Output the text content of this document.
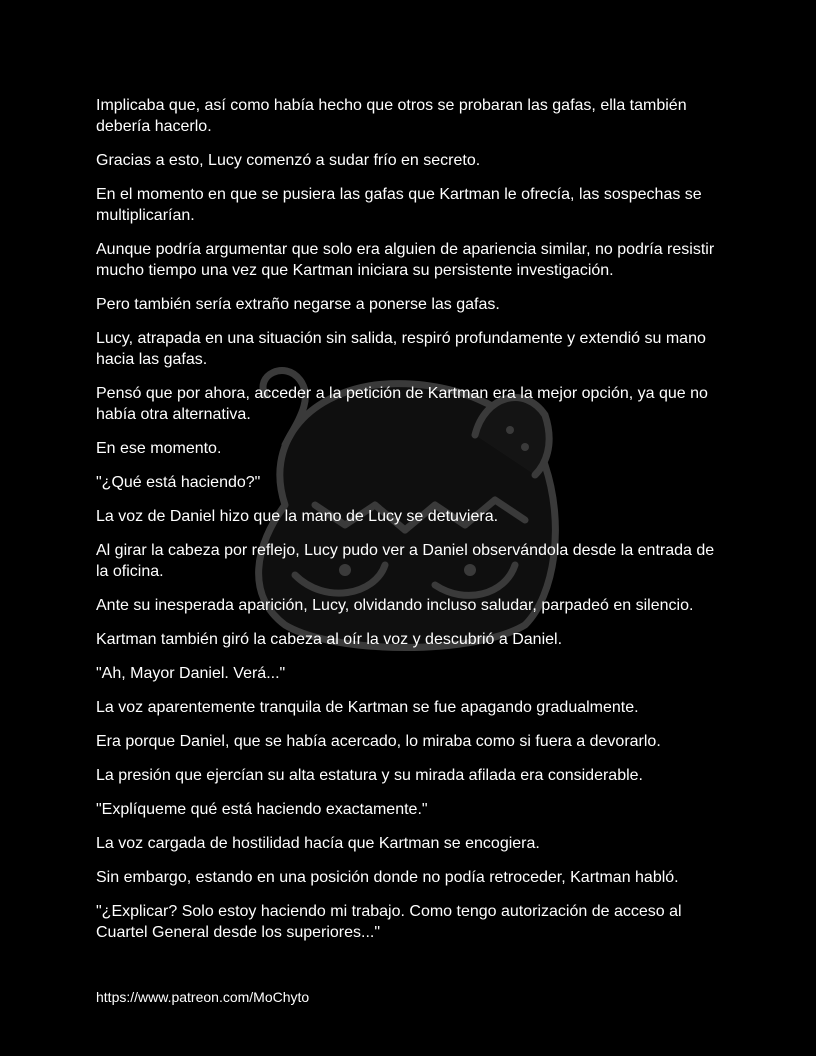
Implicaba que, así como había hecho que otros se probaran las gafas, ella también
debería hacerlo.

Gracias a esto, Lucy comenzó a sudar frío en secreto.

En el momento en que se pusiera las gafas que Kartman le ofrecía, las sospechas se
multiplicarían.

Aunque podría argumentar que solo era alguien de apariencia similar, no podría resistir
mucho tiempo una vez que Kartman iniciara su persistente investigación.

Pero también sería extraño negarse a ponerse las gafas.

Lucy, atrapada en una situación sin salida, respiró profundamente y extendió su mano
hacia las gafas.

Pensó que por ahora, acceder a la petición de Kartman era la mejor opción, ya que no
había otra alternativa.

En ese momento.

"¿Qué está haciendo?"

La voz de Daniel hizo que la mano de Lucy se detuviera.

Al girar la cabeza por reflejo, Lucy pudo ver a Daniel observándola desde la entrada de
la oficina.

Ante su inesperada aparición, Lucy, olvidando incluso saludar, parpadeó en silencio.

Kartman también giró la cabeza al oír la voz y descubrió a Daniel.

"Ah, Mayor Daniel. Verá..."

La voz aparentemente tranquila de Kartman se fue apagando gradualmente.

Era porque Daniel, que se había acercado, lo miraba como si fuera a devorarlo.

La presión que ejercían su alta estatura y su mirada afilada era considerable.

"Explíqueme qué está haciendo exactamente."

La voz cargada de hostilidad hacía que Kartman se encogiera.

Sin embargo, estando en una posición donde no podía retroceder, Kartman habló.

"¿Explicar? Solo estoy haciendo mi trabajo. Como tengo autorización de acceso al
Cuartel General desde los superiores..."

https://www.patreon.com/MoChyto
